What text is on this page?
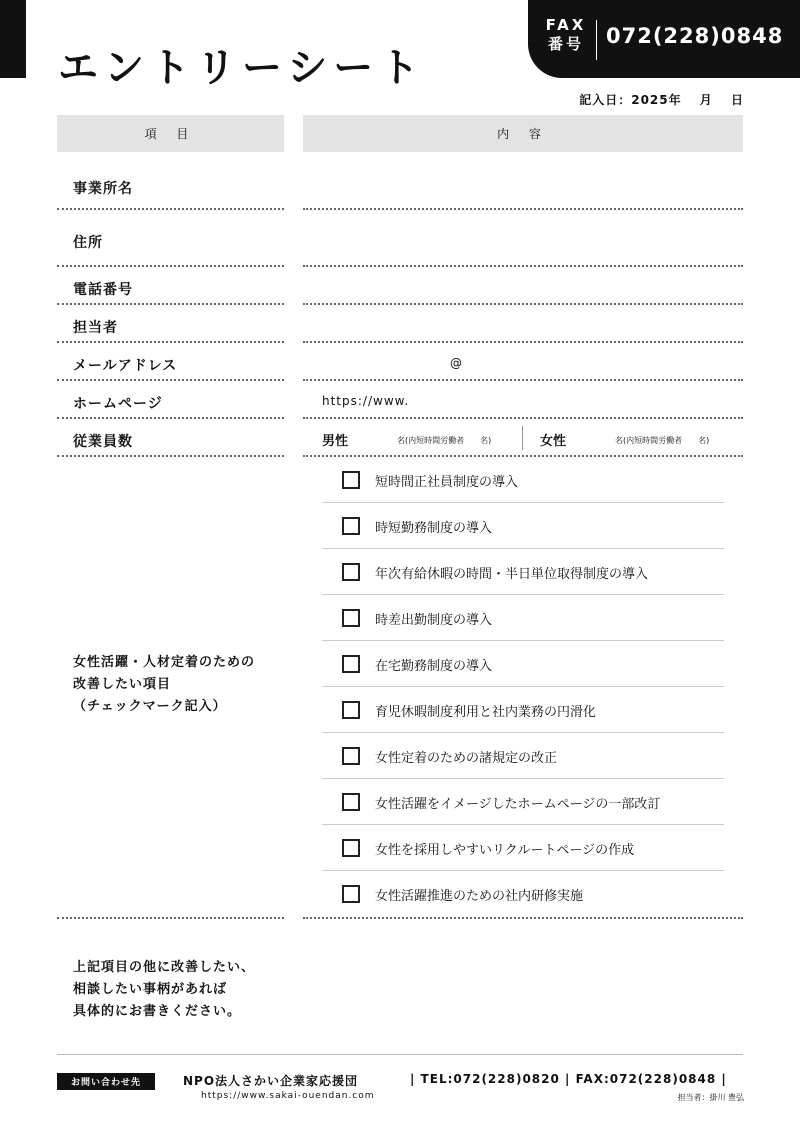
エントリーシート
FAX
番号 072(228)0848
記入日：2025年　 月　 日
項 目	内 容
事業所名
住所
電話番号
担当者
メールアドレス	@
ホームページ	https://www.
従業員数	男性	名(内短時間労働者　　名)	女性	名(内短時間労働者　　名)
女性活躍・人材定着のための
改善したい項目
（チェックマーク記入）
短時間正社員制度の導入
時短勤務制度の導入
年次有給休暇の時間・半日単位取得制度の導入
時差出勤制度の導入
在宅勤務制度の導入
育児休暇制度利用と社内業務の円滑化
女性定着のための諸規定の改正
女性活躍をイメージしたホームページの一部改訂
女性を採用しやすいリクルートページの作成
女性活躍推進のための社内研修実施
上記項目の他に改善したい、
相談したい事柄があれば
具体的にお書きください。
お問い合わせ先	NPO法人さかい企業家応援団
https://www.sakai-ouendan.com
| TEL:072(228)0820 | FAX:072(228)0848 |
担当者：掛川 豊弘
